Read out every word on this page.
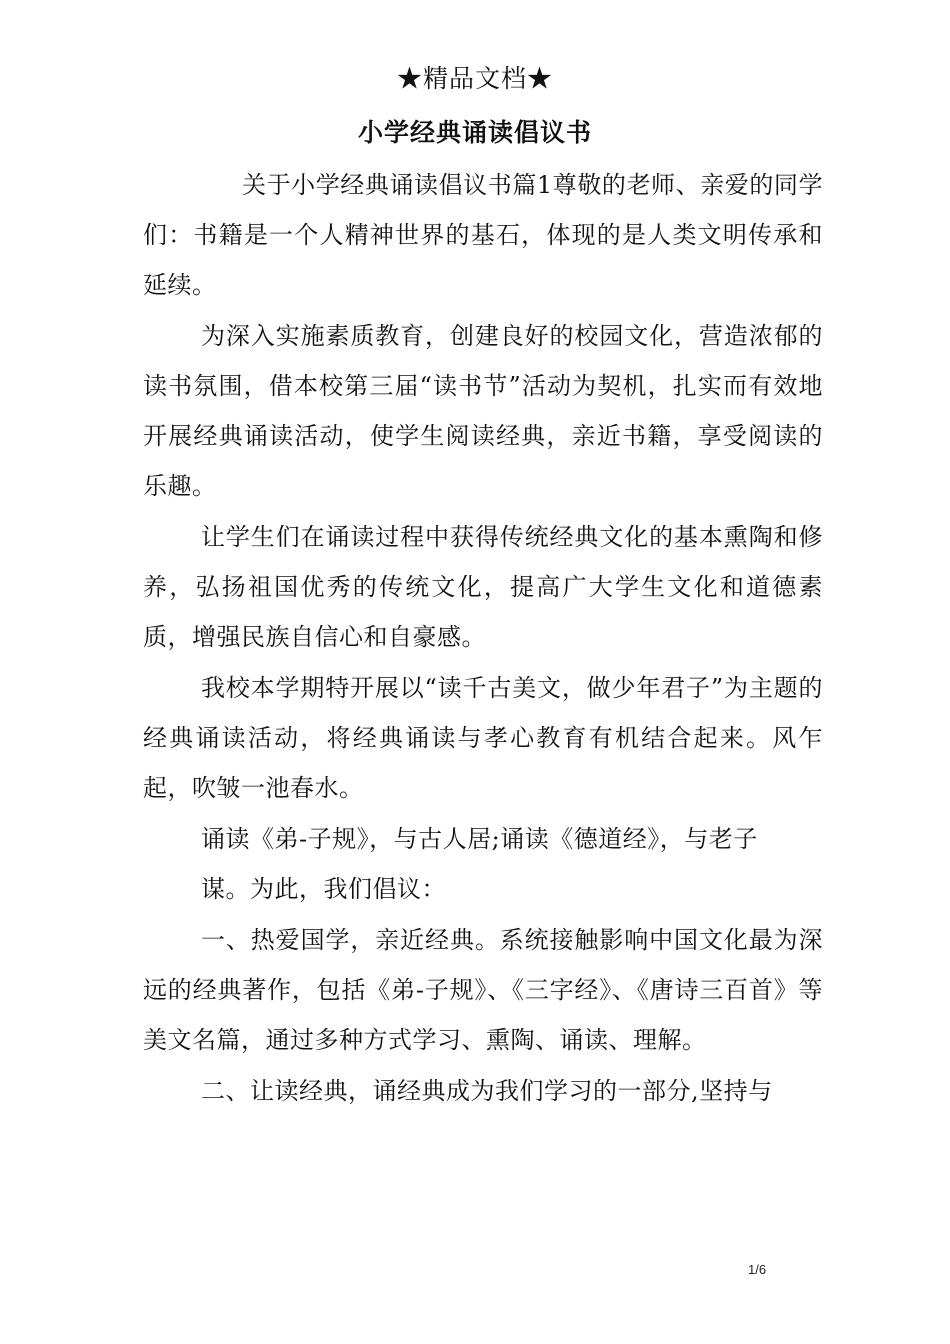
★精品文档★
小学经典诵读倡议书

关于小学经典诵读倡议书篇1尊敬的老师、亲爱的同学们：书籍是一个人精神世界的基石，体现的是人类文明传承和延续。

为深入实施素质教育，创建良好的校园文化，营造浓郁的读书氛围，借本校第三届“读书节”活动为契机，扎实而有效地开展经典诵读活动，使学生阅读经典，亲近书籍，享受阅读的乐趣。

让学生们在诵读过程中获得传统经典文化的基本熏陶和修养，弘扬祖国优秀的传统文化，提高广大学生文化和道德素质，增强民族自信心和自豪感。

我校本学期特开展以“读千古美文，做少年君子”为主题的经典诵读活动，将经典诵读与孝心教育有机结合起来。风乍起，吹皱一池春水。

诵读《弟-子规》，与古人居;诵读《德道经》，与老子
谋。为此，我们倡议：

一、热爱国学，亲近经典。系统接触影响中国文化最为深远的经典著作，包括《弟-子规》、《三字经》、《唐诗三百首》等美文名篇，通过多种方式学习、熏陶、诵读、理解。

二、让读经典，诵经典成为我们学习的一部分,坚持与

1/6
